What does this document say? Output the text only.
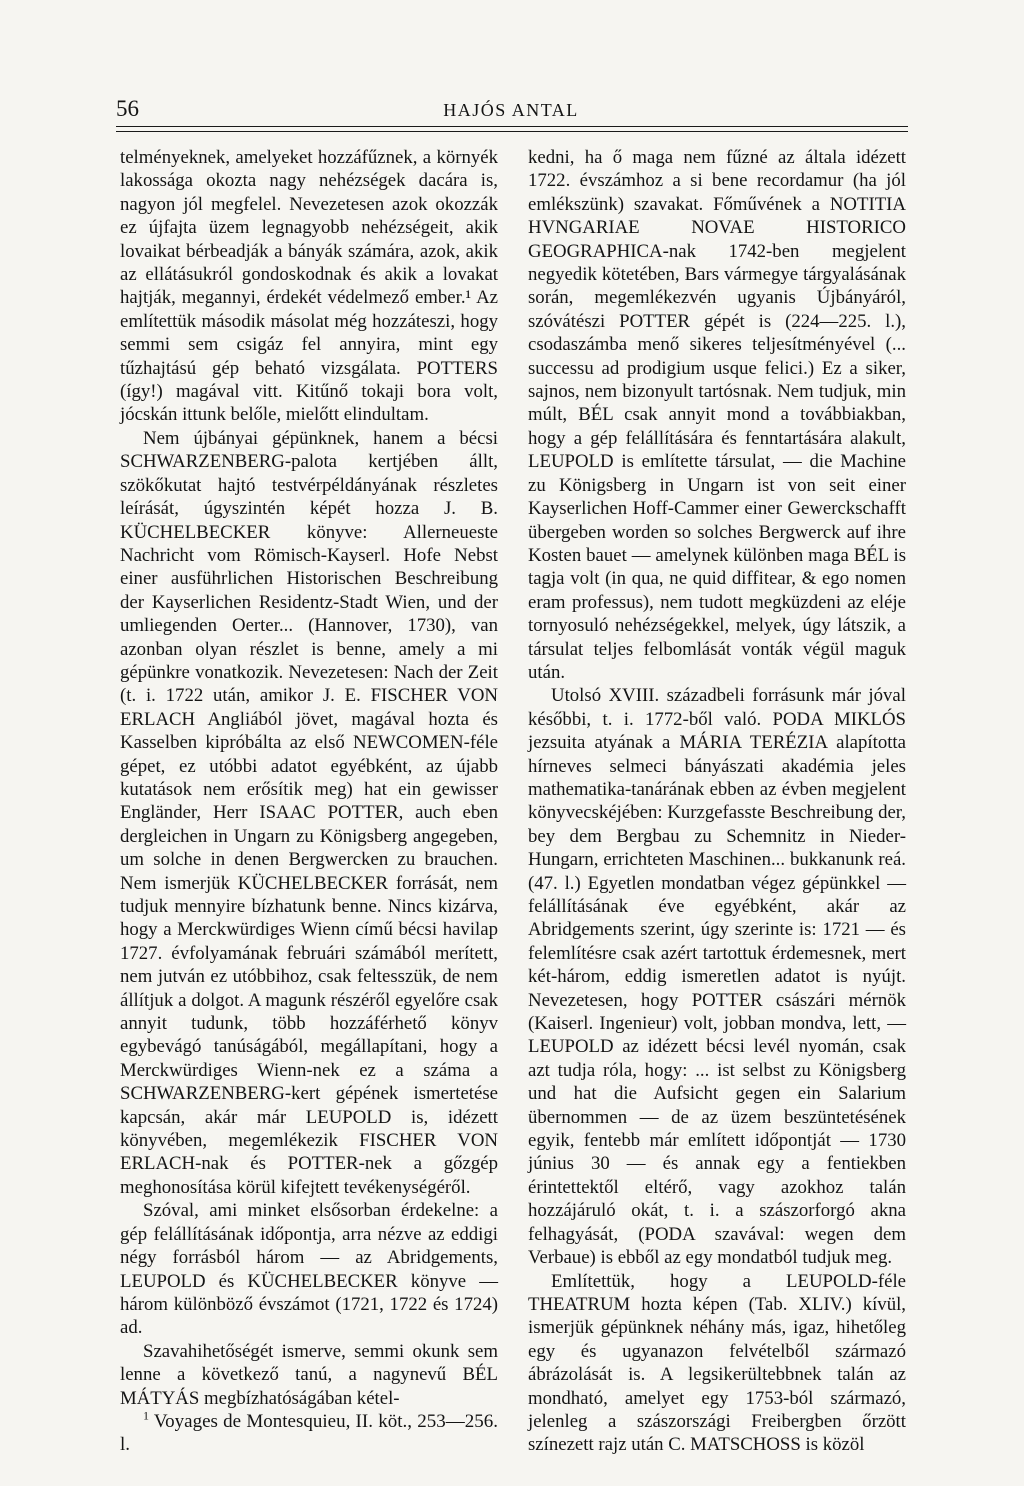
56	HAJÓS ANTAL

telményeknek, amelyeket hozzáfűznek, a környék lakossága okozta nagy nehézségek dacára is, nagyon jól megfelel. Nevezetesen azok okozzák ez újfajta üzem legnagyobb nehézségeit, akik lovaikat bérbeadják a bányák számára, azok, akik az ellátásukról gondoskodnak és akik a lovakat hajtják, megannyi, érdekét védelmező ember.¹ Az említettük második másolat még hozzáteszi, hogy semmi sem csigáz fel annyira, mint egy tűzhajtású gép beható vizsgálata. POTTERS (így!) magával vitt. Kitűnő tokaji bora volt, jócskán ittunk belőle, mielőtt elindultam.

Nem újbányai gépünknek, hanem a bécsi SCHWARZENBERG-palota kertjében állt, szökőkutat hajtó testvérpéldányának részletes leírását, úgyszintén képét hozza J. B. KÜCHELBECKER könyve: Allerneueste Nachricht vom Römisch-Kayserl. Hofe Nebst einer ausführlichen Historischen Beschreibung der Kayserlichen Residentz-Stadt Wien, und der umliegenden Oerter... (Hannover, 1730), van azonban olyan részlet is benne, amely a mi gépünkre vonatkozik. Nevezetesen: Nach der Zeit (t. i. 1722 után, amikor J. E. FISCHER VON ERLACH Angliából jövet, magával hozta és Kasselben kipróbálta az első NEWCOMEN-féle gépet, ez utóbbi adatot egyébként, az újabb kutatások nem erősítik meg) hat ein gewisser Engländer, Herr ISAAC POTTER, auch eben dergleichen in Ungarn zu Königsberg angegeben, um solche in denen Bergwercken zu brauchen. Nem ismerjük KÜCHELBECKER forrását, nem tudjuk mennyire bízhatunk benne. Nincs kizárva, hogy a Merckwürdiges Wienn című bécsi havilap 1727. évfolyamának februári számából merített, nem jutván ez utóbbihoz, csak feltesszük, de nem állítjuk a dolgot. A magunk részéről egyelőre csak annyit tudunk, több hozzáférhető könyv egybevágó tanúságából, megállapítani, hogy a Merckwürdiges Wienn-nek ez a száma a SCHWARZENBERG-kert gépének ismertetése kapcsán, akár már LEUPOLD is, idézett könyvében, megemlékezik FISCHER VON ERLACH-nak és POTTER-nek a gőzgép meghonosítása körül kifejtett tevékenységéről.

Szóval, ami minket elsősorban érdekelne: a gép felállításának időpontja, arra nézve az eddigi négy forrásból három — az Abridgements, LEUPOLD és KÜCHELBECKER könyve — három különböző évszámot (1721, 1722 és 1724) ad.

Szavahihetőségét ismerve, semmi okunk sem lenne a következő tanú, a nagynevű BÉL MÁTYÁS megbízhatóságában kétel-

$^1$ Voyages de Montesquieu, II. köt., 253—256. l.

kedni, ha ő maga nem fűzné az általa idézett 1722. évszámhoz a si bene recordamur (ha jól emlékszünk) szavakat. Főművének a NOTITIA HVNGARIAE NOVAE HISTORICO GEOGRAPHICA-nak 1742-ben megjelent negyedik kötetében, Bars vármegye tárgyalásának során, megemlékezvén ugyanis Újbányáról, szóvátészi POTTER gépét is (224—225. l.), csodaszámba menő sikeres teljesítményével (... successu ad prodigium usque felici.) Ez a siker, sajnos, nem bizonyult tartósnak. Nem tudjuk, min múlt, BÉL csak annyit mond a továbbiakban, hogy a gép felállítására és fenntartására alakult, LEUPOLD is említette társulat, — die Machine zu Königsberg in Ungarn ist von seit einer Kayserlichen Hoff-Cammer einer Gewerckschafft übergeben worden so solches Bergwerck auf ihre Kosten bauet — amelynek különben maga BÉL is tagja volt (in qua, ne quid diffitear, & ego nomen eram professus), nem tudott megküzdeni az eléje tornyosuló nehézségekkel, melyek, úgy látszik, a társulat teljes felbomlását vonták végül maguk után.

Utolsó XVIII. századbeli forrásunk már jóval későbbi, t. i. 1772-ből való. PODA MIKLÓS jezsuita atyának a MÁRIA TERÉZIA alapította hírneves selmeci bányászati akadémia jeles mathematika-tanárának ebben az évben megjelent könyvecskéjében: Kurzgefasste Beschreibung der, bey dem Bergbau zu Schemnitz in Nieder-Hungarn, errichteten Maschinen... bukkanunk reá. (47. l.) Egyetlen mondatban végez gépünkkel — felállításának éve egyébként, akár az Abridgements szerint, úgy szerinte is: 1721 — és felemlítésre csak azért tartottuk érdemesnek, mert két-három, eddig ismeretlen adatot is nyújt. Nevezetesen, hogy POTTER császári mérnök (Kaiserl. Ingenieur) volt, jobban mondva, lett, — LEUPOLD az idézett bécsi levél nyomán, csak azt tudja róla, hogy: ... ist selbst zu Königsberg und hat die Aufsicht gegen ein Salarium übernommen — de az üzem beszüntetésének egyik, fentebb már említett időpontját — 1730 június 30 — és annak egy a fentiekben érintettektől eltérő, vagy azokhoz talán hozzájáruló okát, t. i. a szászorforgó akna felhagyását, (PODA szavával: wegen dem Verbaue) is ebből az egy mondatból tudjuk meg.

Említettük, hogy a LEUPOLD-féle THEATRUM hozta képen (Tab. XLIV.) kívül, ismerjük gépünknek néhány más, igaz, hihetőleg egy és ugyanazon felvételből származó ábrázolását is. A legsikerültebbnek talán az mondható, amelyet egy 1753-ból származó, jelenleg a szászországi Freibergben őrzött színezett rajz után C. MATSCHOSS is közöl
